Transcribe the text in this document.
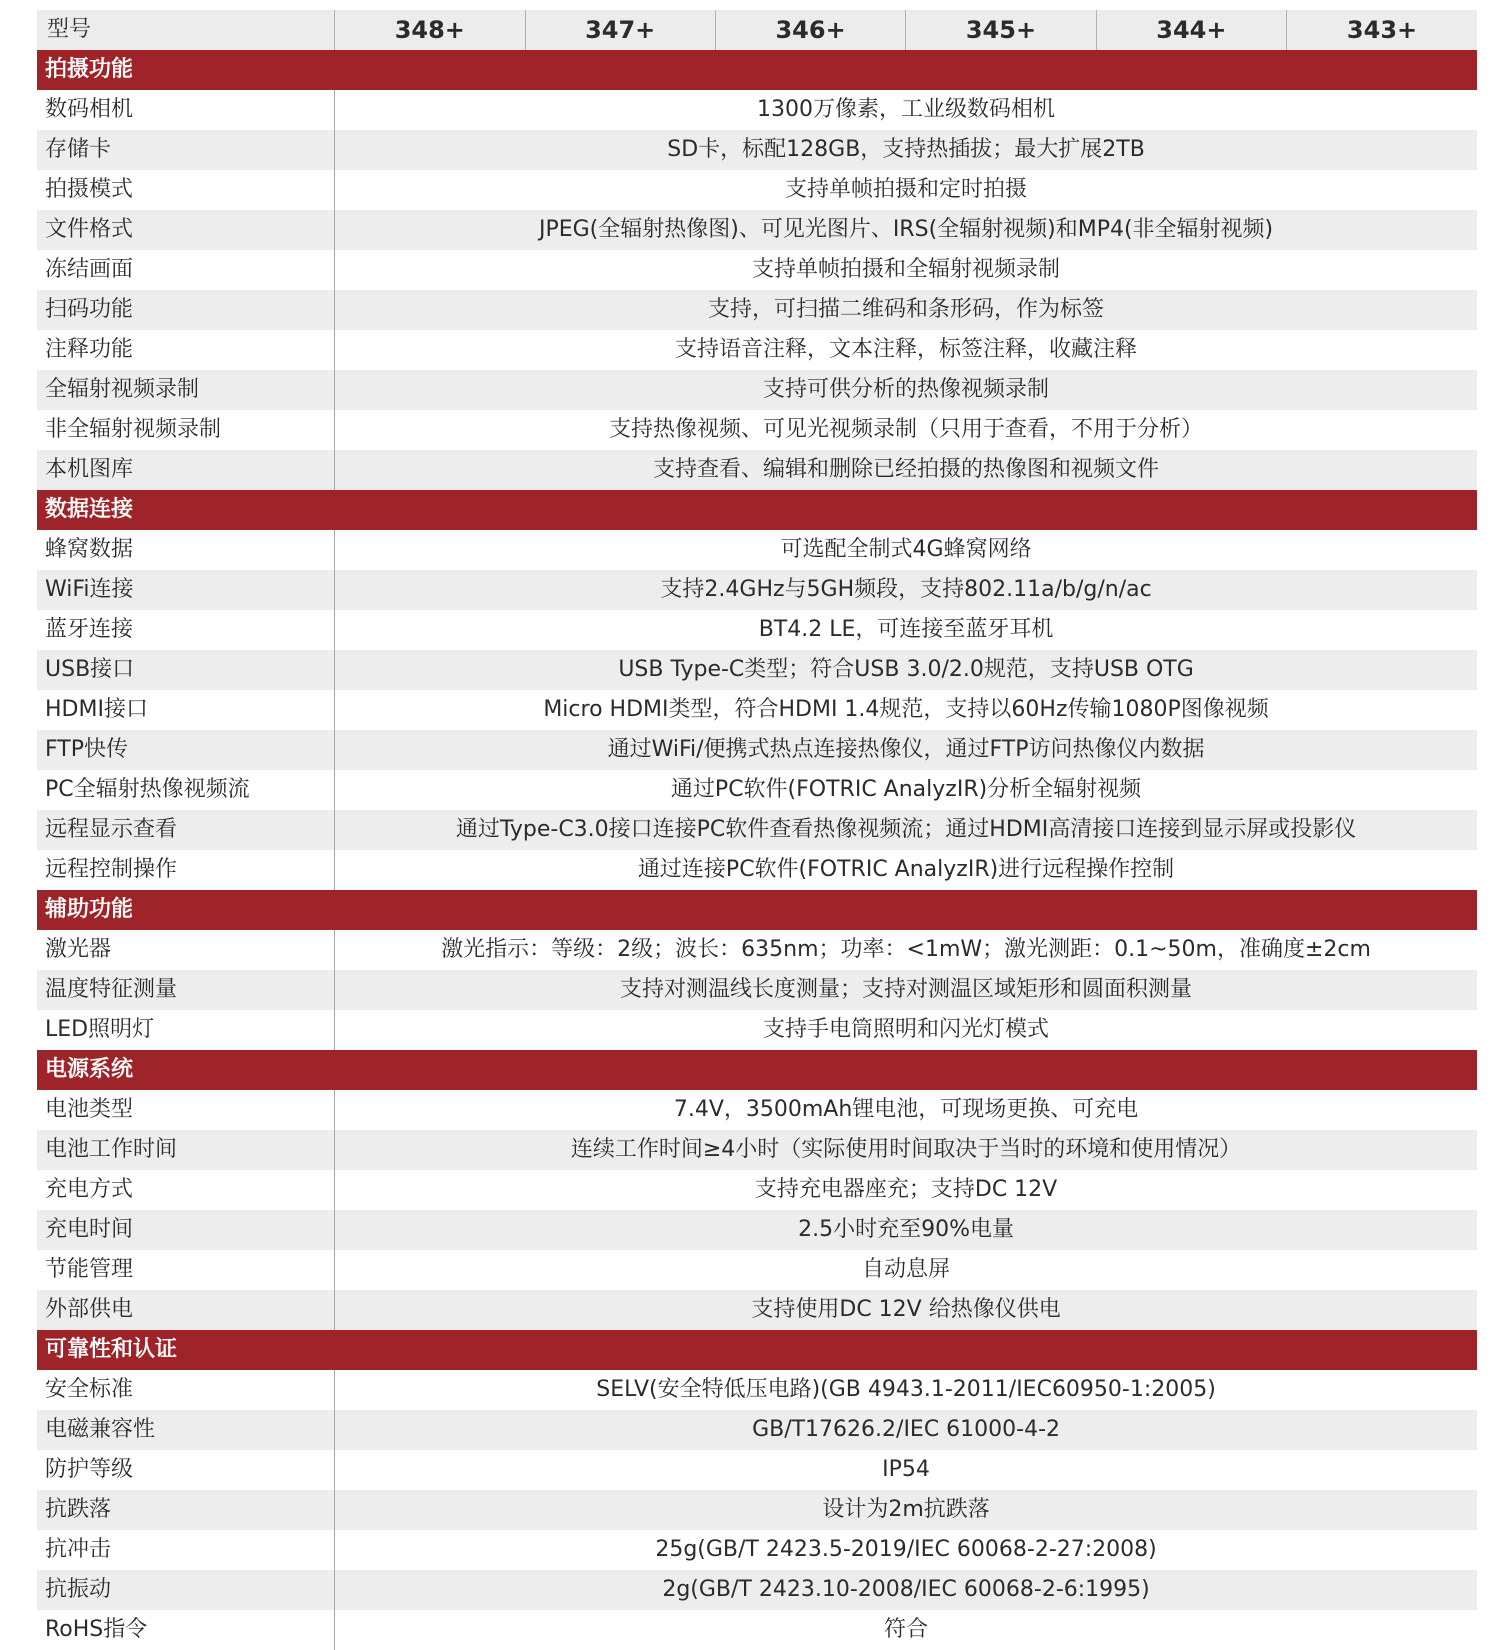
型号	348+	347+	346+	345+	344+	343+
拍摄功能						
数码相机	1300万像素，工业级数码相机					
存储卡	SD卡，标配128GB，支持热插拔；最大扩展2TB					
拍摄模式	支持单帧拍摄和定时拍摄					
文件格式	JPEG(全辐射热像图)、可见光图片、IRS(全辐射视频)和MP4(非全辐射视频)					
冻结画面	支持单帧拍摄和全辐射视频录制					
扫码功能	支持，可扫描二维码和条形码，作为标签					
注释功能	支持语音注释，文本注释，标签注释，收藏注释					
全辐射视频录制	支持可供分析的热像视频录制					
非全辐射视频录制	支持热像视频、可见光视频录制（只用于查看，不用于分析）					
本机图库	支持查看、编辑和删除已经拍摄的热像图和视频文件					
数据连接						
蜂窝数据	可选配全制式4G蜂窝网络					
WiFi连接	支持2.4GHz与5GH频段，支持802.11a/b/g/n/ac					
蓝牙连接	BT4.2 LE，可连接至蓝牙耳机					
USB接口	USB Type-C类型；符合USB 3.0/2.0规范，支持USB OTG					
HDMI接口	Micro HDMI类型，符合HDMI 1.4规范，支持以60Hz传输1080P图像视频					
FTP快传	通过WiFi/便携式热点连接热像仪，通过FTP访问热像仪内数据					
PC全辐射热像视频流	通过PC软件(FOTRIC AnalyzIR)分析全辐射视频					
远程显示查看	通过Type-C3.0接口连接PC软件查看热像视频流；通过HDMI高清接口连接到显示屏或投影仪					
远程控制操作	通过连接PC软件(FOTRIC AnalyzIR)进行远程操作控制					
辅助功能						
激光器	激光指示：等级：2级；波长：635nm；功率：<1mW；激光测距：0.1~50m，准确度±2cm					
温度特征测量	支持对测温线长度测量；支持对测温区域矩形和圆面积测量					
LED照明灯	支持手电筒照明和闪光灯模式					
电源系统						
电池类型	7.4V，3500mAh锂电池，可现场更换、可充电					
电池工作时间	连续工作时间≥4小时（实际使用时间取决于当时的环境和使用情况）					
充电方式	支持充电器座充；支持DC 12V					
充电时间	2.5小时充至90%电量					
节能管理	自动息屏					
外部供电	支持使用DC 12V 给热像仪供电					
可靠性和认证						
安全标准	SELV(安全特低压电路)(GB 4943.1-2011/IEC60950-1:2005)					
电磁兼容性	GB/T17626.2/IEC 61000-4-2					
防护等级	IP54					
抗跌落	设计为2m抗跌落					
抗冲击	25g(GB/T 2423.5-2019/IEC 60068-2-27:2008)					
抗振动	2g(GB/T 2423.10-2008/IEC 60068-2-6:1995)					
RoHS指令	符合					
